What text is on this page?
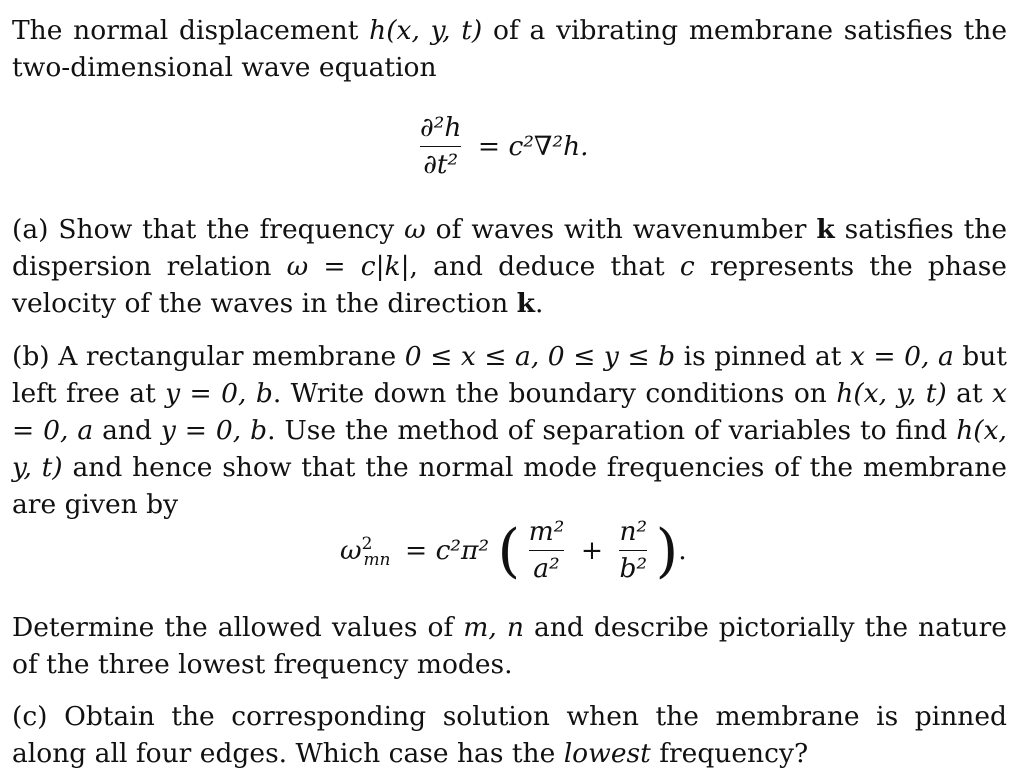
The normal displacement h(x, y, t) of a vibrating membrane satisfies the two-dimensional wave equation
$\frac{\text{∂²h}}{\text{∂t²}} = c^2\nabla^2h$.
(a) Show that the frequency ω of waves with wavenumber k satisfies the dispersion relation ω = c|k|, and deduce that c represents the phase velocity of the waves in the direction k.
(b) A rectangular membrane 0 ≤ x ≤ a, 0 ≤ y ≤ b is pinned at x = 0, a but left free at y = 0, b. Write down the boundary conditions on h(x, y, t) at x = 0, a and y = 0, b. Use the method of separation of variables to find h(x, y, t) and hence show that the normal mode frequencies of the membrane are given by
$\omega^2_{mn} = c^2\pi^2$ ( $\frac{\text{m²}}{\text{a²}} + \frac{\text{n²}}{\text{b²}}$ ).
Determine the allowed values of m, n and describe pictorially the nature of the three lowest frequency modes.
(c) Obtain the corresponding solution when the membrane is pinned along all four edges. Which case has the lowest frequency?
